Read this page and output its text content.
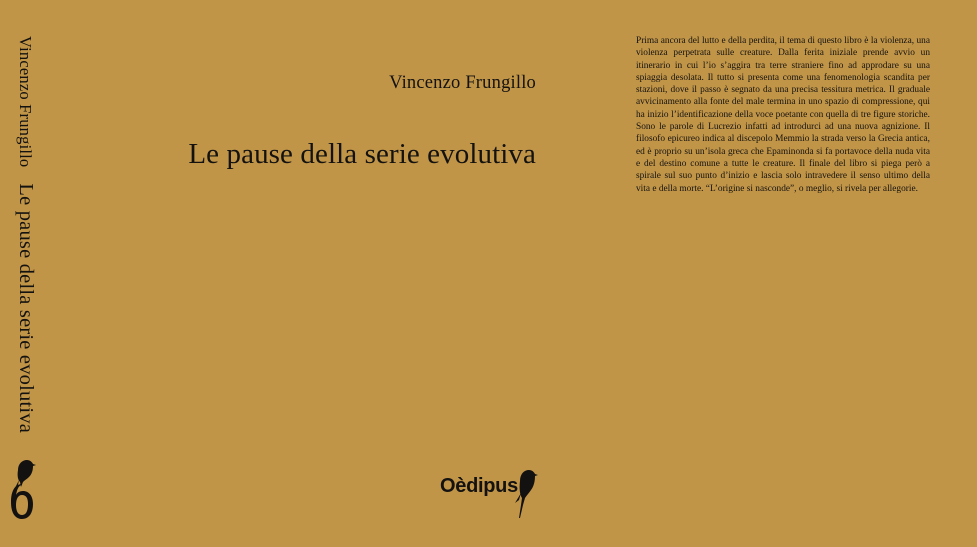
Vincenzo FrungilloLe pause della serie evolutiva
Vincenzo Frungillo
Le pause della serie evolutiva
Oèdipus
Prima ancora del lutto e della perdita, il tema di questo libro è la violenza, una violenza perpetrata sulle creature. Dalla ferita iniziale prende avvio un itinerario in cui l’io s’aggira tra terre straniere fino ad approdare su una spiaggia desolata. Il tutto si presenta come una fenomenologia scandita per stazioni, dove il passo è segnato da una precisa tessitura metrica. Il graduale avvicinamento alla fonte del male termina in uno spazio di compressione, qui ha inizio l’identificazione della voce poetante con quella di tre figure storiche. Sono le parole di Lucrezio infatti ad introdurci ad una nuova agnizione. Il filosofo epicureo indica al discepolo Memmio la strada verso la Grecia antica, ed è proprio su un’isola greca che Epaminonda si fa portavoce della nuda vita e del destino comune a tutte le creature. Il finale del libro si piega però a spirale sul suo punto d’inizio e lascia solo intravedere il senso ultimo della vita e della morte. “L’origine si nasconde”, o meglio, si rivela per allegorie.
